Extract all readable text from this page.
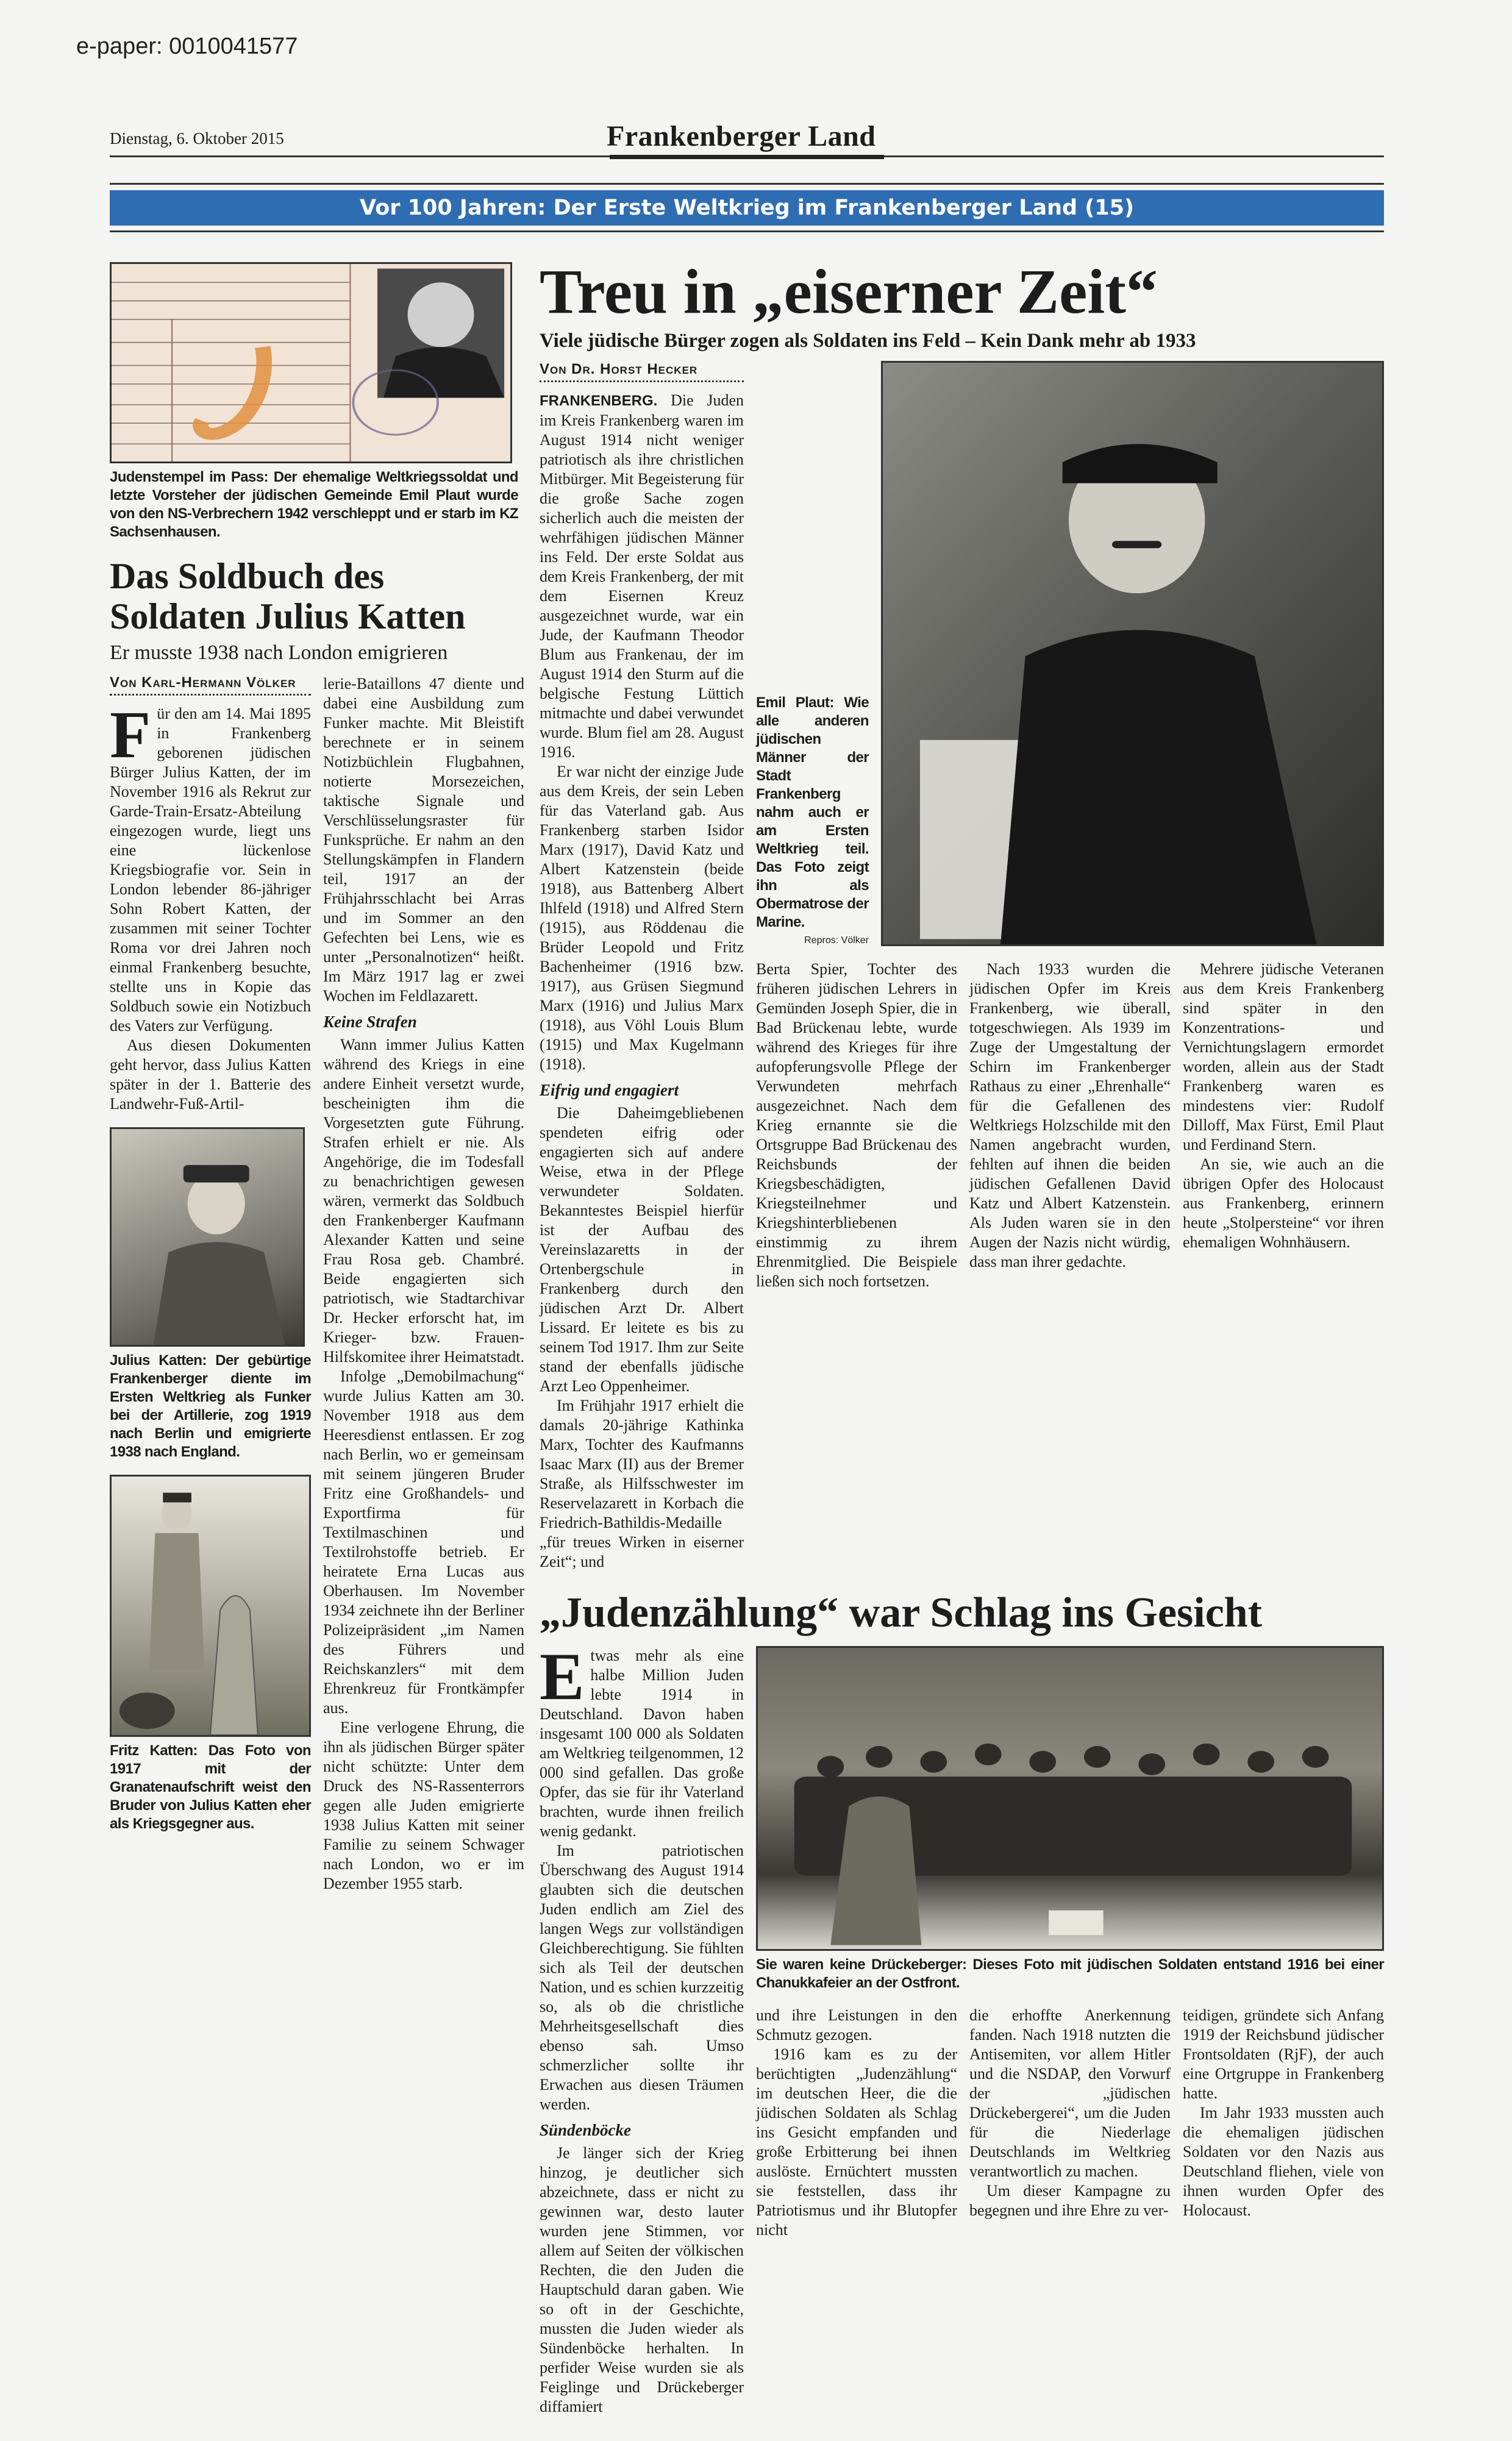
e-paper: 0010041577
Dienstag, 6. Oktober 2015	Frankenberger Land
Vor 100 Jahren: Der Erste Weltkrieg im Frankenberger Land (15)
Judenstempel im Pass: Der ehemalige Weltkriegssoldat und letzte Vorsteher der jüdischen Gemeinde Emil Plaut wurde von den NS-Verbrechern 1942 verschleppt und er starb im KZ Sachsenhausen.
Das Soldbuch des Soldaten Julius Katten
Er musste 1938 nach London emigrieren
Von Karl-Hermann Völker
F ür den am 14. Mai 1895 in Frankenberg geborenen jüdischen Bürger Julius Katten, der im November 1916 als Rekrut zur Garde-Train-Ersatz-Abteilung eingezogen wurde, liegt uns eine lückenlose Kriegsbiografie vor. Sein in London lebender 86-jähriger Sohn Robert Katten, der zusammen mit seiner Tochter Roma vor drei Jahren noch einmal Frankenberg besuchte, stellte uns in Kopie das Soldbuch sowie ein Notizbuch des Vaters zur Verfügung.

Aus diesen Dokumenten geht hervor, dass Julius Katten später in der 1. Batterie des Landwehr-Fuß-Artil-

Julius Katten: Der gebürtige Frankenberger diente im Ersten Weltkrieg als Funker bei der Artillerie, zog 1919 nach Berlin und emigrierte 1938 nach England.
Fritz Katten: Das Foto von 1917 mit der Granatenaufschrift weist den Bruder von Julius Katten eher als Kriegsgegner aus.

lerie-Bataillons 47 diente und dabei eine Ausbildung zum Funker machte. Mit Bleistift berechnete er in seinem Notizbüchlein Flugbahnen, notierte Morsezeichen, taktische Signale und Verschlüsselungsraster für Funksprüche. Er nahm an den Stellungskämpfen in Flandern teil, 1917 an der Frühjahrsschlacht bei Arras und im Sommer an den Gefechten bei Lens, wie es unter „Personalnotizen“ heißt. Im März 1917 lag er zwei Wochen im Feldlazarett.

Keine Strafen

Wann immer Julius Katten während des Kriegs in eine andere Einheit versetzt wurde, bescheinigten ihm die Vorgesetzten gute Führung. Strafen erhielt er nie. Als Angehörige, die im Todesfall zu benachrichtigen gewesen wären, vermerkt das Soldbuch den Frankenberger Kaufmann Alexander Katten und seine Frau Rosa geb. Chambré. Beide engagierten sich patriotisch, wie Stadtarchivar Dr. Hecker erforscht hat, im Krieger- bzw. Frauen-Hilfskomitee ihrer Heimatstadt.

Infolge „Demobilmachung“ wurde Julius Katten am 30. November 1918 aus dem Heeresdienst entlassen. Er zog nach Berlin, wo er gemeinsam mit seinem jüngeren Bruder Fritz eine Großhandels- und Exportfirma für Textilmaschinen und Textilrohstoffe betrieb. Er heiratete Erna Lucas aus Oberhausen. Im November 1934 zeichnete ihn der Berliner Polizeipräsident „im Namen des Führers und Reichskanzlers“ mit dem Ehrenkreuz für Frontkämpfer aus.

Eine verlogene Ehrung, die ihn als jüdischen Bürger später nicht schützte: Unter dem Druck des NS-Rassenterrors gegen alle Juden emigrierte 1938 Julius Katten mit seiner Familie zu seinem Schwager nach London, wo er im Dezember 1955 starb.

Treu in „eiserner Zeit“
Viele jüdische Bürger zogen als Soldaten ins Feld – Kein Dank mehr ab 1933
Von Dr. Horst Hecker

FRANKENBERG. Die Juden im Kreis Frankenberg waren im August 1914 nicht weniger patriotisch als ihre christlichen Mitbürger. Mit Begeisterung für die große Sache zogen sicherlich auch die meisten der wehrfähigen jüdischen Männer ins Feld. Der erste Soldat aus dem Kreis Frankenberg, der mit dem Eisernen Kreuz ausgezeichnet wurde, war ein Jude, der Kaufmann Theodor Blum aus Frankenau, der im August 1914 den Sturm auf die belgische Festung Lüttich mitmachte und dabei verwundet wurde. Blum fiel am 28. August 1916.

Er war nicht der einzige Jude aus dem Kreis, der sein Leben für das Vaterland gab. Aus Frankenberg starben Isidor Marx (1917), David Katz und Albert Katzenstein (beide 1918), aus Battenberg Albert Ihlfeld (1918) und Alfred Stern (1915), aus Röddenau die Brüder Leopold und Fritz Bachenheimer (1916 bzw. 1917), aus Grüsen Siegmund Marx (1916) und Julius Marx (1918), aus Vöhl Louis Blum (1915) und Max Kugelmann (1918).

Eifrig und engagiert

Die Daheimgebliebenen spendeten eifrig oder engagierten sich auf andere Weise, etwa in der Pflege verwundeter Soldaten. Bekanntestes Beispiel hierfür ist der Aufbau des Vereinslazaretts in der Ortenbergschule in Frankenberg durch den jüdischen Arzt Dr. Albert Lissard. Er leitete es bis zu seinem Tod 1917. Ihm zur Seite stand der ebenfalls jüdische Arzt Leo Oppenheimer.

Im Frühjahr 1917 erhielt die damals 20-jährige Kathinka Marx, Tochter des Kaufmanns Isaac Marx (II) aus der Bremer Straße, als Hilfsschwester im Reservelazarett in Korbach die Friedrich-Bathildis-Medaille „für treues Wirken in eiserner Zeit“; und

Emil Plaut: Wie alle anderen jüdischen Männer der Stadt Frankenberg nahm auch er am Ersten Weltkrieg teil. Das Foto zeigt ihn als Obermatrose der Marine.
Repros: Völker

Berta Spier, Tochter des früheren jüdischen Lehrers in Gemünden Joseph Spier, die in Bad Brückenau lebte, wurde während des Krieges für ihre aufopferungsvolle Pflege der Verwundeten mehrfach ausgezeichnet. Nach dem Krieg ernannte sie die Ortsgruppe Bad Brückenau des Reichsbunds der Kriegsbeschädigten, Kriegsteilnehmer und Kriegshinterbliebenen einstimmig zu ihrem Ehrenmitglied. Die Beispiele ließen sich noch fortsetzen.

Nach 1933 wurden die jüdischen Opfer im Kreis Frankenberg, wie überall, totgeschwiegen. Als 1939 im Zuge der Umgestaltung der Schirn im Frankenberger Rathaus zu einer „Ehrenhalle“ für die Gefallenen des Weltkriegs Holzschilde mit den Namen angebracht wurden, fehlten auf ihnen die beiden jüdischen Gefallenen David Katz und Albert Katzenstein. Als Juden waren sie in den Augen der Nazis nicht würdig, dass man ihrer gedachte.

Mehrere jüdische Veteranen aus dem Kreis Frankenberg sind später in den Konzentrations- und Vernichtungslagern ermordet worden, allein aus der Stadt Frankenberg waren es mindestens vier: Rudolf Dilloff, Max Fürst, Emil Plaut und Ferdinand Stern.

An sie, wie auch an die übrigen Opfer des Holocaust aus Frankenberg, erinnern heute „Stolpersteine“ vor ihren ehemaligen Wohnhäusern.

„Judenzählung“ war Schlag ins Gesicht
E twas mehr als eine halbe Million Juden lebte 1914 in Deutschland. Davon haben insgesamt 100 000 als Soldaten am Weltkrieg teilgenommen, 12 000 sind gefallen. Das große Opfer, das sie für ihr Vaterland brachten, wurde ihnen freilich wenig gedankt.

Im patriotischen Überschwang des August 1914 glaubten sich die deutschen Juden endlich am Ziel des langen Wegs zur vollständigen Gleichberechtigung. Sie fühlten sich als Teil der deutschen Nation, und es schien kurzzeitig so, als ob die christliche Mehrheitsgesellschaft dies ebenso sah. Umso schmerzlicher sollte ihr Erwachen aus diesen Träumen werden.

Sündenböcke

Je länger sich der Krieg hinzog, je deutlicher sich abzeichnete, dass er nicht zu gewinnen war, desto lauter wurden jene Stimmen, vor allem auf Seiten der völkischen Rechten, die den Juden die Hauptschuld daran gaben. Wie so oft in der Geschichte, mussten die Juden wieder als Sündenböcke herhalten. In perfider Weise wurden sie als Feiglinge und Drückeberger diffamiert

Sie waren keine Drückeberger: Dieses Foto mit jüdischen Soldaten entstand 1916 bei einer Chanukkafeier an der Ostfront.

und ihre Leistungen in den Schmutz gezogen.

1916 kam es zu der berüchtigten „Judenzählung“ im deutschen Heer, die die jüdischen Soldaten als Schlag ins Gesicht empfanden und große Erbitterung bei ihnen auslöste. Ernüchtert mussten sie feststellen, dass ihr Patriotismus und ihr Blutopfer nicht

die erhoffte Anerkennung fanden. Nach 1918 nutzten die Antisemiten, vor allem Hitler und die NSDAP, den Vorwurf der „jüdischen Drückebergerei“, um die Juden für die Niederlage Deutschlands im Weltkrieg verantwortlich zu machen.

Um dieser Kampagne zu begegnen und ihre Ehre zu ver-

teidigen, gründete sich Anfang 1919 der Reichsbund jüdischer Frontsoldaten (RjF), der auch eine Ortgruppe in Frankenberg hatte.

Im Jahr 1933 mussten auch die ehemaligen jüdischen Soldaten vor den Nazis aus Deutschland fliehen, viele von ihnen wurden Opfer des Holocaust.
